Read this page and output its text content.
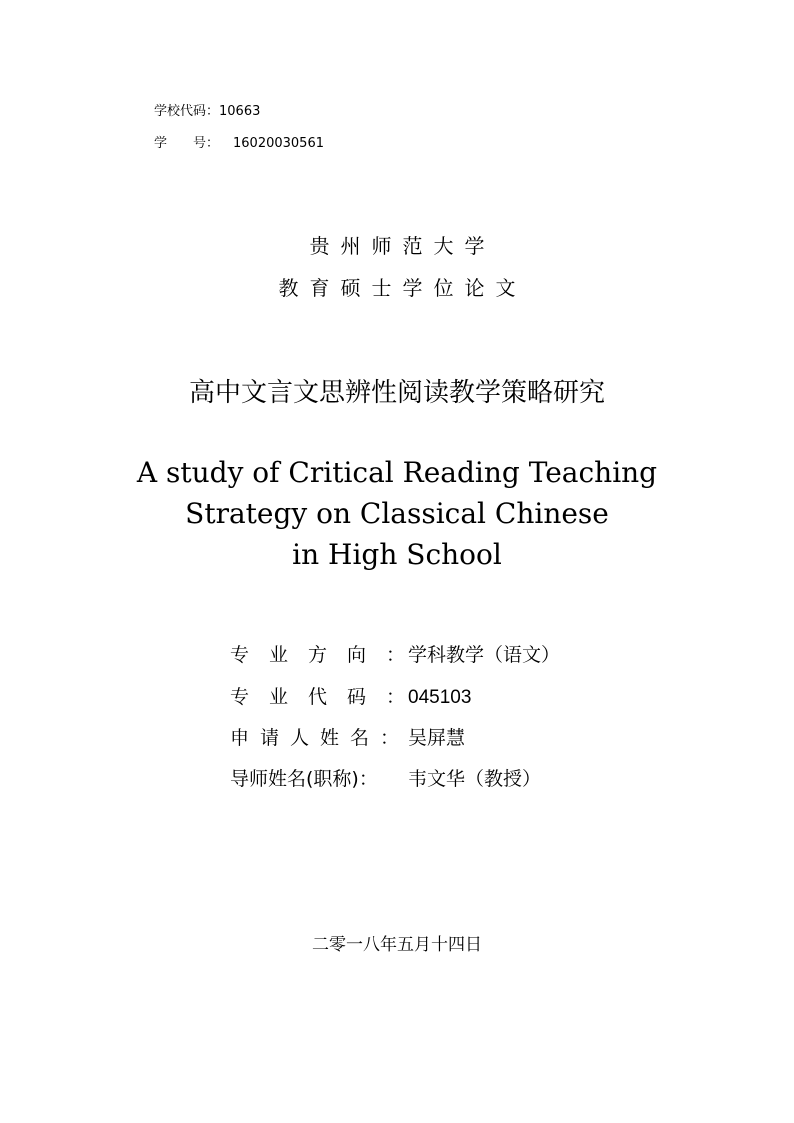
学校代码：10663
学　　号： 16020030561
贵州师范大学
教育硕士学位论文
高中文言文思辨性阅读教学策略研究
A study of Critical Reading Teaching
Strategy on Classical Chinese
in High School
专业方向：学科教学（语文）
专业代码：045103
申请人姓名：吴屏慧
导师姓名(职称)： 韦文华（教授）
二零一八年五月十四日
